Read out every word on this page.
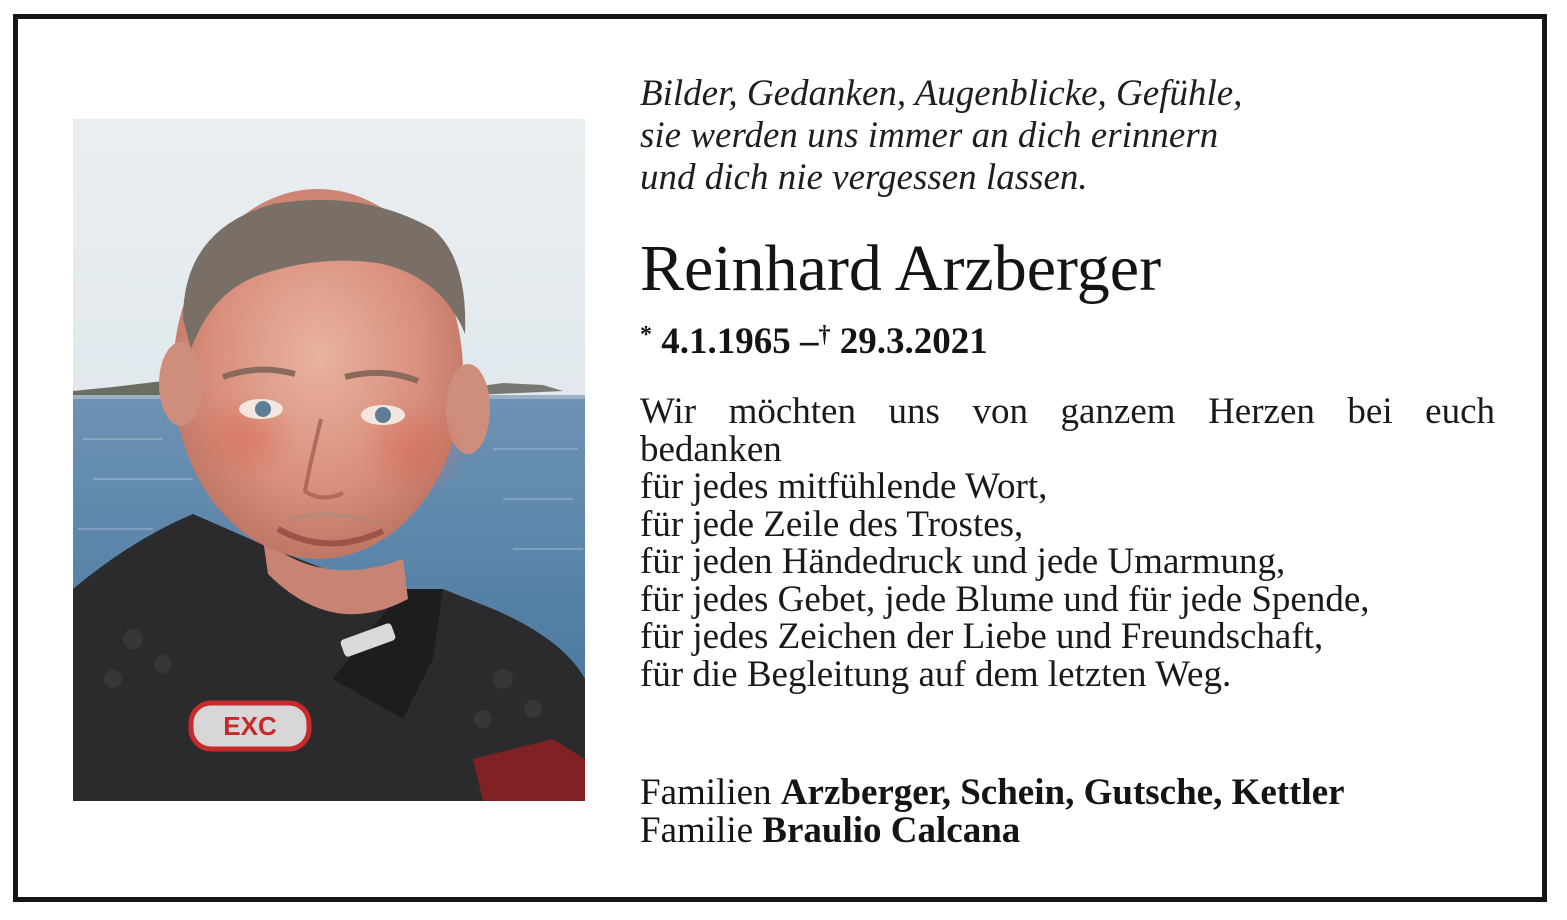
EXC

Bilder, Gedanken, Augenblicke, Gefühle,
sie werden uns immer an dich erinnern
und dich nie vergessen lassen.

Reinhard Arzberger

* 4.1.1965 –† 29.3.2021

Wir möchten uns von ganzem Herzen bei euch
bedanken
für jedes mitfühlende Wort,
für jede Zeile des Trostes,
für jeden Händedruck und jede Umarmung,
für jedes Gebet, jede Blume und für jede Spende,
für jedes Zeichen der Liebe und Freundschaft,
für die Begleitung auf dem letzten Weg.

Familien Arzberger, Schein, Gutsche, Kettler
Familie Braulio Calcana
